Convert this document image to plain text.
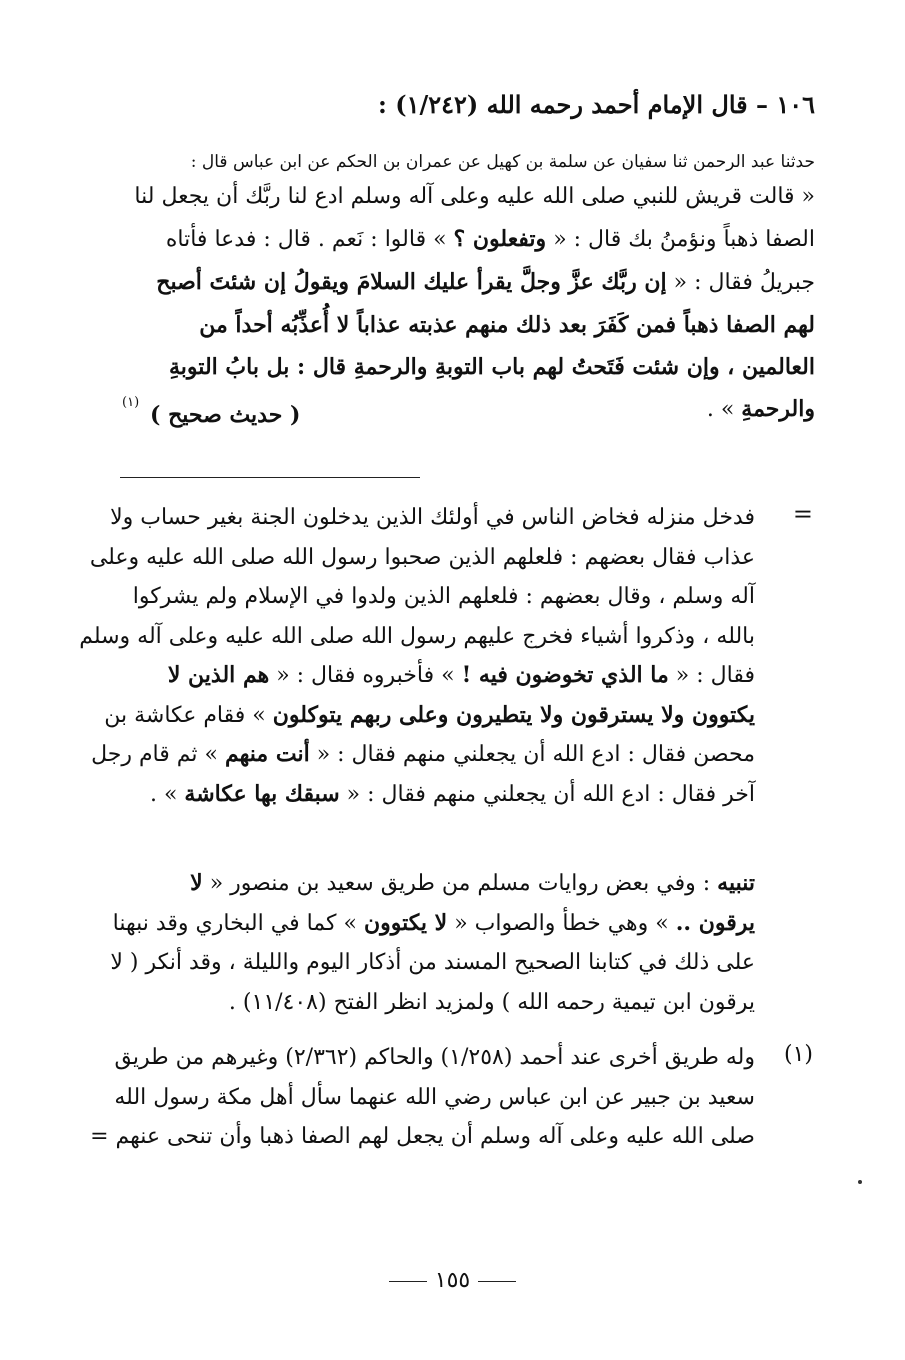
١٠٦ – قال الإمام أحمد رحمه الله (١/٢٤٢) :
حدثنا عبد الرحمن ثنا سفيان عن سلمة بن كهيل عن عمران بن الحكم عن ابن عباس قال :
« قالت قريش للنبي صلى الله عليه وعلى آله وسلم ادع لنا ربَّك أن يجعل لنا
الصفا ذهباً ونؤمنُ بك قال : « وتفعلون ؟ » قالوا : نَعم . قال : فدعا فأتاه
جبريلُ فقال : « إن ربَّك عزَّ وجلَّ يقرأ عليك السلامَ ويقولُ إن شئتَ أصبح
لهم الصفا ذهباً فمن كَفَرَ بعد ذلك منهم عذبته عذاباً لا أُعذِّبُه أحداً من
العالمين ، وإن شئت فَتَحتُ لهم باب التوبةِ والرحمةِ قال : بل بابُ التوبةِ
والرحمةِ » .
( حديث صحيح )
(١)
=
فدخل منزله فخاض الناس في أولئك الذين يدخلون الجنة بغير حساب ولا
عذاب فقال بعضهم : فلعلهم الذين صحبوا رسول الله صلى الله عليه وعلى
آله وسلم ، وقال بعضهم : فلعلهم الذين ولدوا في الإسلام ولم يشركوا
بالله ، وذكروا أشياء فخرج عليهم رسول الله صلى الله عليه وعلى آله وسلم
فقال : « ما الذي تخوضون فيه ! » فأخبروه فقال : « هم الذين لا
يكتوون ولا يسترقون ولا يتطيرون وعلى ربهم يتوكلون » فقام عكاشة بن
محصن فقال : ادع الله أن يجعلني منهم فقال : « أنت منهم » ثم قام رجل
آخر فقال : ادع الله أن يجعلني منهم فقال : « سبقك بها عكاشة » .
تنبيه : وفي بعض روايات مسلم من طريق سعيد بن منصور « لا
يرقون .. » وهي خطأ والصواب « لا يكتوون » كما في البخاري وقد نبهنا
على ذلك في كتابنا الصحيح المسند من أذكار اليوم والليلة ، وقد أنكر ( لا
يرقون ابن تيمية رحمه الله ) ولمزيد انظر الفتح (١١/٤٠٨) .
(١)
وله طريق أخرى عند أحمد (١/٢٥٨) والحاكم (٢/٣٦٢) وغيرهم من طريق
سعيد بن جبير عن ابن عباس رضي الله عنهما سأل أهل مكة رسول الله
صلى الله عليه وعلى آله وسلم أن يجعل لهم الصفا ذهبا وأن تنحى عنهم =
١٥٥
